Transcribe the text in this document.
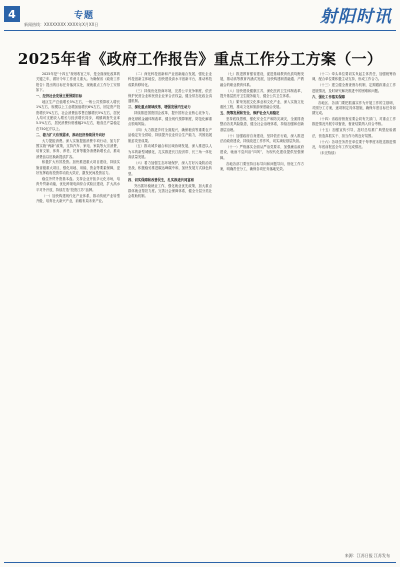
4	专题
新闻热线：XXXXXXXX XXXX年X月XX日	射阳时讯
2025年省《政府工作报告》重点工作分工方案（一）

2025年是“十四五”规划收官之年，是全面深化改革的关键之年，做好今年工作意义重大。为确保省《政府工作报告》提出的目标任务落到实处，现就重点工作分工安排如下。

一、经济社会发展主要预期目标

地区生产总值增长5%左右，一般公共预算收入增长1%左右，规模以上工业增加值增长6%左右，固定资产投资增长5%左右，社会消费品零售总额增长5%左右，居民人均可支配收入增长与经济增长同步，城镇调查失业率5.5%左右，居民消费价格涨幅2%左右，粮食总产量稳定在750亿斤以上。

二、着力扩大有效需求，推动经济持续回升向好

大力提振消费。深入实施提振消费专项行动，加力扩围实施“两新”政策，支持汽车、家电、家装等大宗消费，培育文旅、体育、养老、托育等服务消费新增长点，推动消费品以旧换新提质扩容。

积极扩大有效投资。加快推进重大项目建设，持续实施省级重大项目，强化用地、用能、资金等要素保障，更好发挥政府投资带动放大效应，激发民间投资活力。

稳住外贸外资基本盘。支持企业开拓多元化市场，培育外贸新动能，优化跨境电商综合试验区建设，扩大高水平对外开放，持续打造“投资江苏”品牌。

（一）加快构建现代化产业体系，推动传统产业转型升级，培育壮大新兴产业，前瞻布局未来产业。

（二）深化科技创新和产业创新融合发展，强化企业科技创新主体地位，加快建设高水平创新平台，推动科技成果转移转化。

（三）持续优化营商环境，完善公平竞争制度，依法保护民营企业和民营企业家合法权益，健全常态化政企沟通机制。

三、深化重点领域改革，增强发展内生动力

持续推进国资国企改革，提升国有企业核心竞争力。深化财税金融体制改革，健全现代预算制度，防范化解重点领域风险。

（四）大力推进乡村全面振兴，确保粮食等重要农产品稳定安全供给，持续提升农业综合生产能力，巩固拓展脱贫攻坚成果。

（五）推动城乡融合和区域协调发展，深入推进以人为本的新型城镇化，扎实推进长江经济带、长三角一体化高质量发展。

（六）着力加强生态环境保护，深入打好污染防治攻坚战，积极稳妥推进碳达峰碳中和，加快发展方式绿色转型。

四、切实保障和改善民生，扎实推进共同富裕

突出抓好稳就业工作，强化就业优先政策，加大重点群体就业帮扶力度。完善社会保障体系，健全分层分类社会救助机制。

（七）推进教育强省建设，促进基础教育优质均衡发展，推动高等教育内涵式发展，加快构建职普融通、产教融合的职业教育体系。

（八）加快建设健康江苏，深化医药卫生体制改革，提升基层医疗卫生服务能力，健全公共卫生体系。

（九）繁荣发展文化事业和文化产业，深入实施文化惠民工程，推动文化和旅游深度融合发展。

五、统筹发展和安全，维护社会大局稳定

坚持底线思维，强化安全生产和防灾减灾，全面排查整治各类风险隐患，健全社会治理体系，持续加强和创新基层治理。

（十）加强政府自身建设，坚持依法行政，深入推进法治政府建设，持续改进工作作风，切实减轻基层负担。

（十一）严格落实全面从严治党要求，加强廉洁政府建设，驰而不息纠治“四风”，为现代化建设提供坚强保障。

各地各部门要坚持目标导向和问题导向，细化工作方案，明确责任分工，确保各项任务落地见效。

（十二）牵头单位要切实负起主体责任，加强统筹协调，配合单位要积极主动支持，形成工作合力。

（十三）建立健全督查督办机制，定期跟踪重点工作进展情况，及时研究解决推进中的困难和问题。

六、强化工作落实保障

各地区、各部门要把抓落实作为开展工作的主基调，对照分工方案，逐项制定具体措施，确保年度目标任务如期完成。

（十四）省政府督查室要会同有关部门，对重点工作推进情况开展专项督查，督查结果纳入综合考核。

（十五）加强宣传引导，及时总结推广典型经验做法，营造真抓实干、担当作为的良好氛围。

（十六）各项任务责任单位要于每季度末报送推进情况，年底前报送全年工作完成情况。

（未完待续）

来源：江苏日报 江苏发布
